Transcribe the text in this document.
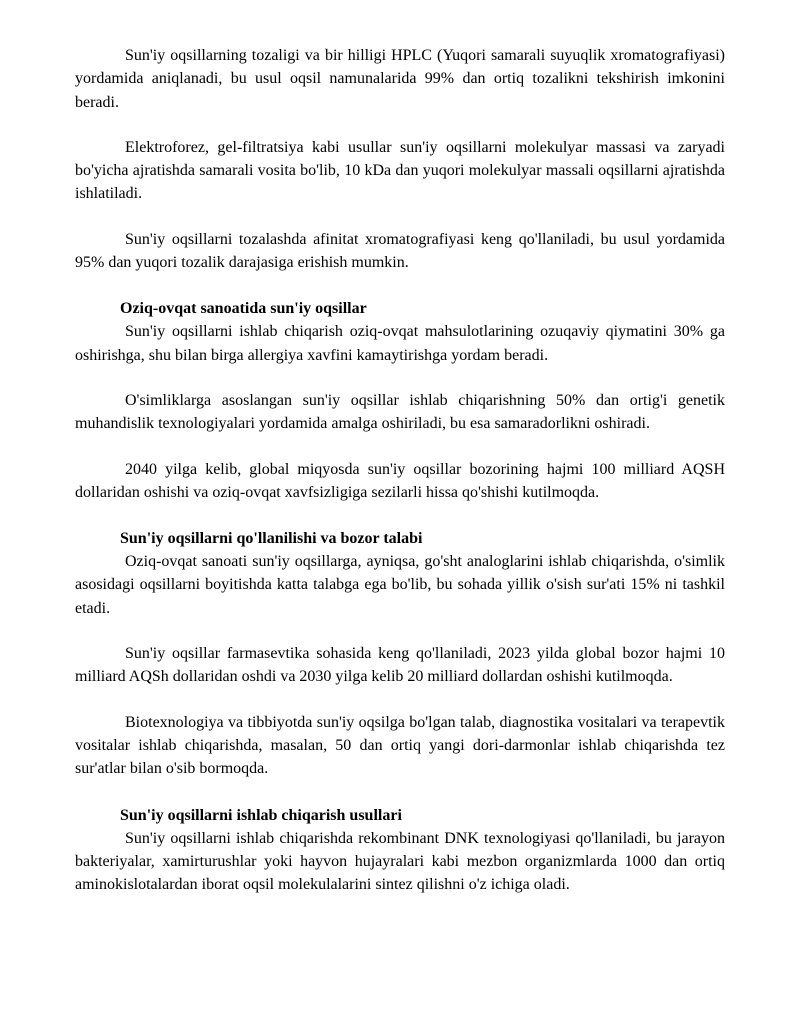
Sun'iy oqsillarning tozaligi va bir hilligi HPLC (Yuqori samarali suyuqlik xromatografiyasi) yordamida aniqlanadi, bu usul oqsil namunalarida 99% dan ortiq tozalikni tekshirish imkonini beradi.

Elektroforez, gel-filtratsiya kabi usullar sun'iy oqsillarni molekulyar massasi va zaryadi bo'yicha ajratishda samarali vosita bo'lib, 10 kDa dan yuqori molekulyar massali oqsillarni ajratishda ishlatiladi.

Sun'iy oqsillarni tozalashda afinitat xromatografiyasi keng qo'llaniladi, bu usul yordamida 95% dan yuqori tozalik darajasiga erishish mumkin.

Oziq-ovqat sanoatida sun'iy oqsillar

Sun'iy oqsillarni ishlab chiqarish oziq-ovqat mahsulotlarining ozuqaviy qiymatini 30% ga oshirishga, shu bilan birga allergiya xavfini kamaytirishga yordam beradi.

O'simliklarga asoslangan sun'iy oqsillar ishlab chiqarishning 50% dan ortig'i genetik muhandislik texnologiyalari yordamida amalga oshiriladi, bu esa samaradorlikni oshiradi.

2040 yilga kelib, global miqyosda sun'iy oqsillar bozorining hajmi 100 milliard AQSH dollaridan oshishi va oziq-ovqat xavfsizligiga sezilarli hissa qo'shishi kutilmoqda.

Sun'iy oqsillarni qo'llanilishi va bozor talabi

Oziq-ovqat sanoati sun'iy oqsillarga, ayniqsa, go'sht analoglarini ishlab chiqarishda, o'simlik asosidagi oqsillarni boyitishda katta talabga ega bo'lib, bu sohada yillik o'sish sur'ati 15% ni tashkil etadi.

Sun'iy oqsillar farmasevtika sohasida keng qo'llaniladi, 2023 yilda global bozor hajmi 10 milliard AQSh dollaridan oshdi va 2030 yilga kelib 20 milliard dollardan oshishi kutilmoqda.

Biotexnologiya va tibbiyotda sun'iy oqsilga bo'lgan talab, diagnostika vositalari va terapevtik vositalar ishlab chiqarishda, masalan, 50 dan ortiq yangi dori-darmonlar ishlab chiqarishda tez sur'atlar bilan o'sib bormoqda.

Sun'iy oqsillarni ishlab chiqarish usullari

Sun'iy oqsillarni ishlab chiqarishda rekombinant DNK texnologiyasi qo'llaniladi, bu jarayon bakteriyalar, xamirturushlar yoki hayvon hujayralari kabi mezbon organizmlarda 1000 dan ortiq aminokislotalardan iborat oqsil molekulalarini sintez qilishni o'z ichiga oladi.
